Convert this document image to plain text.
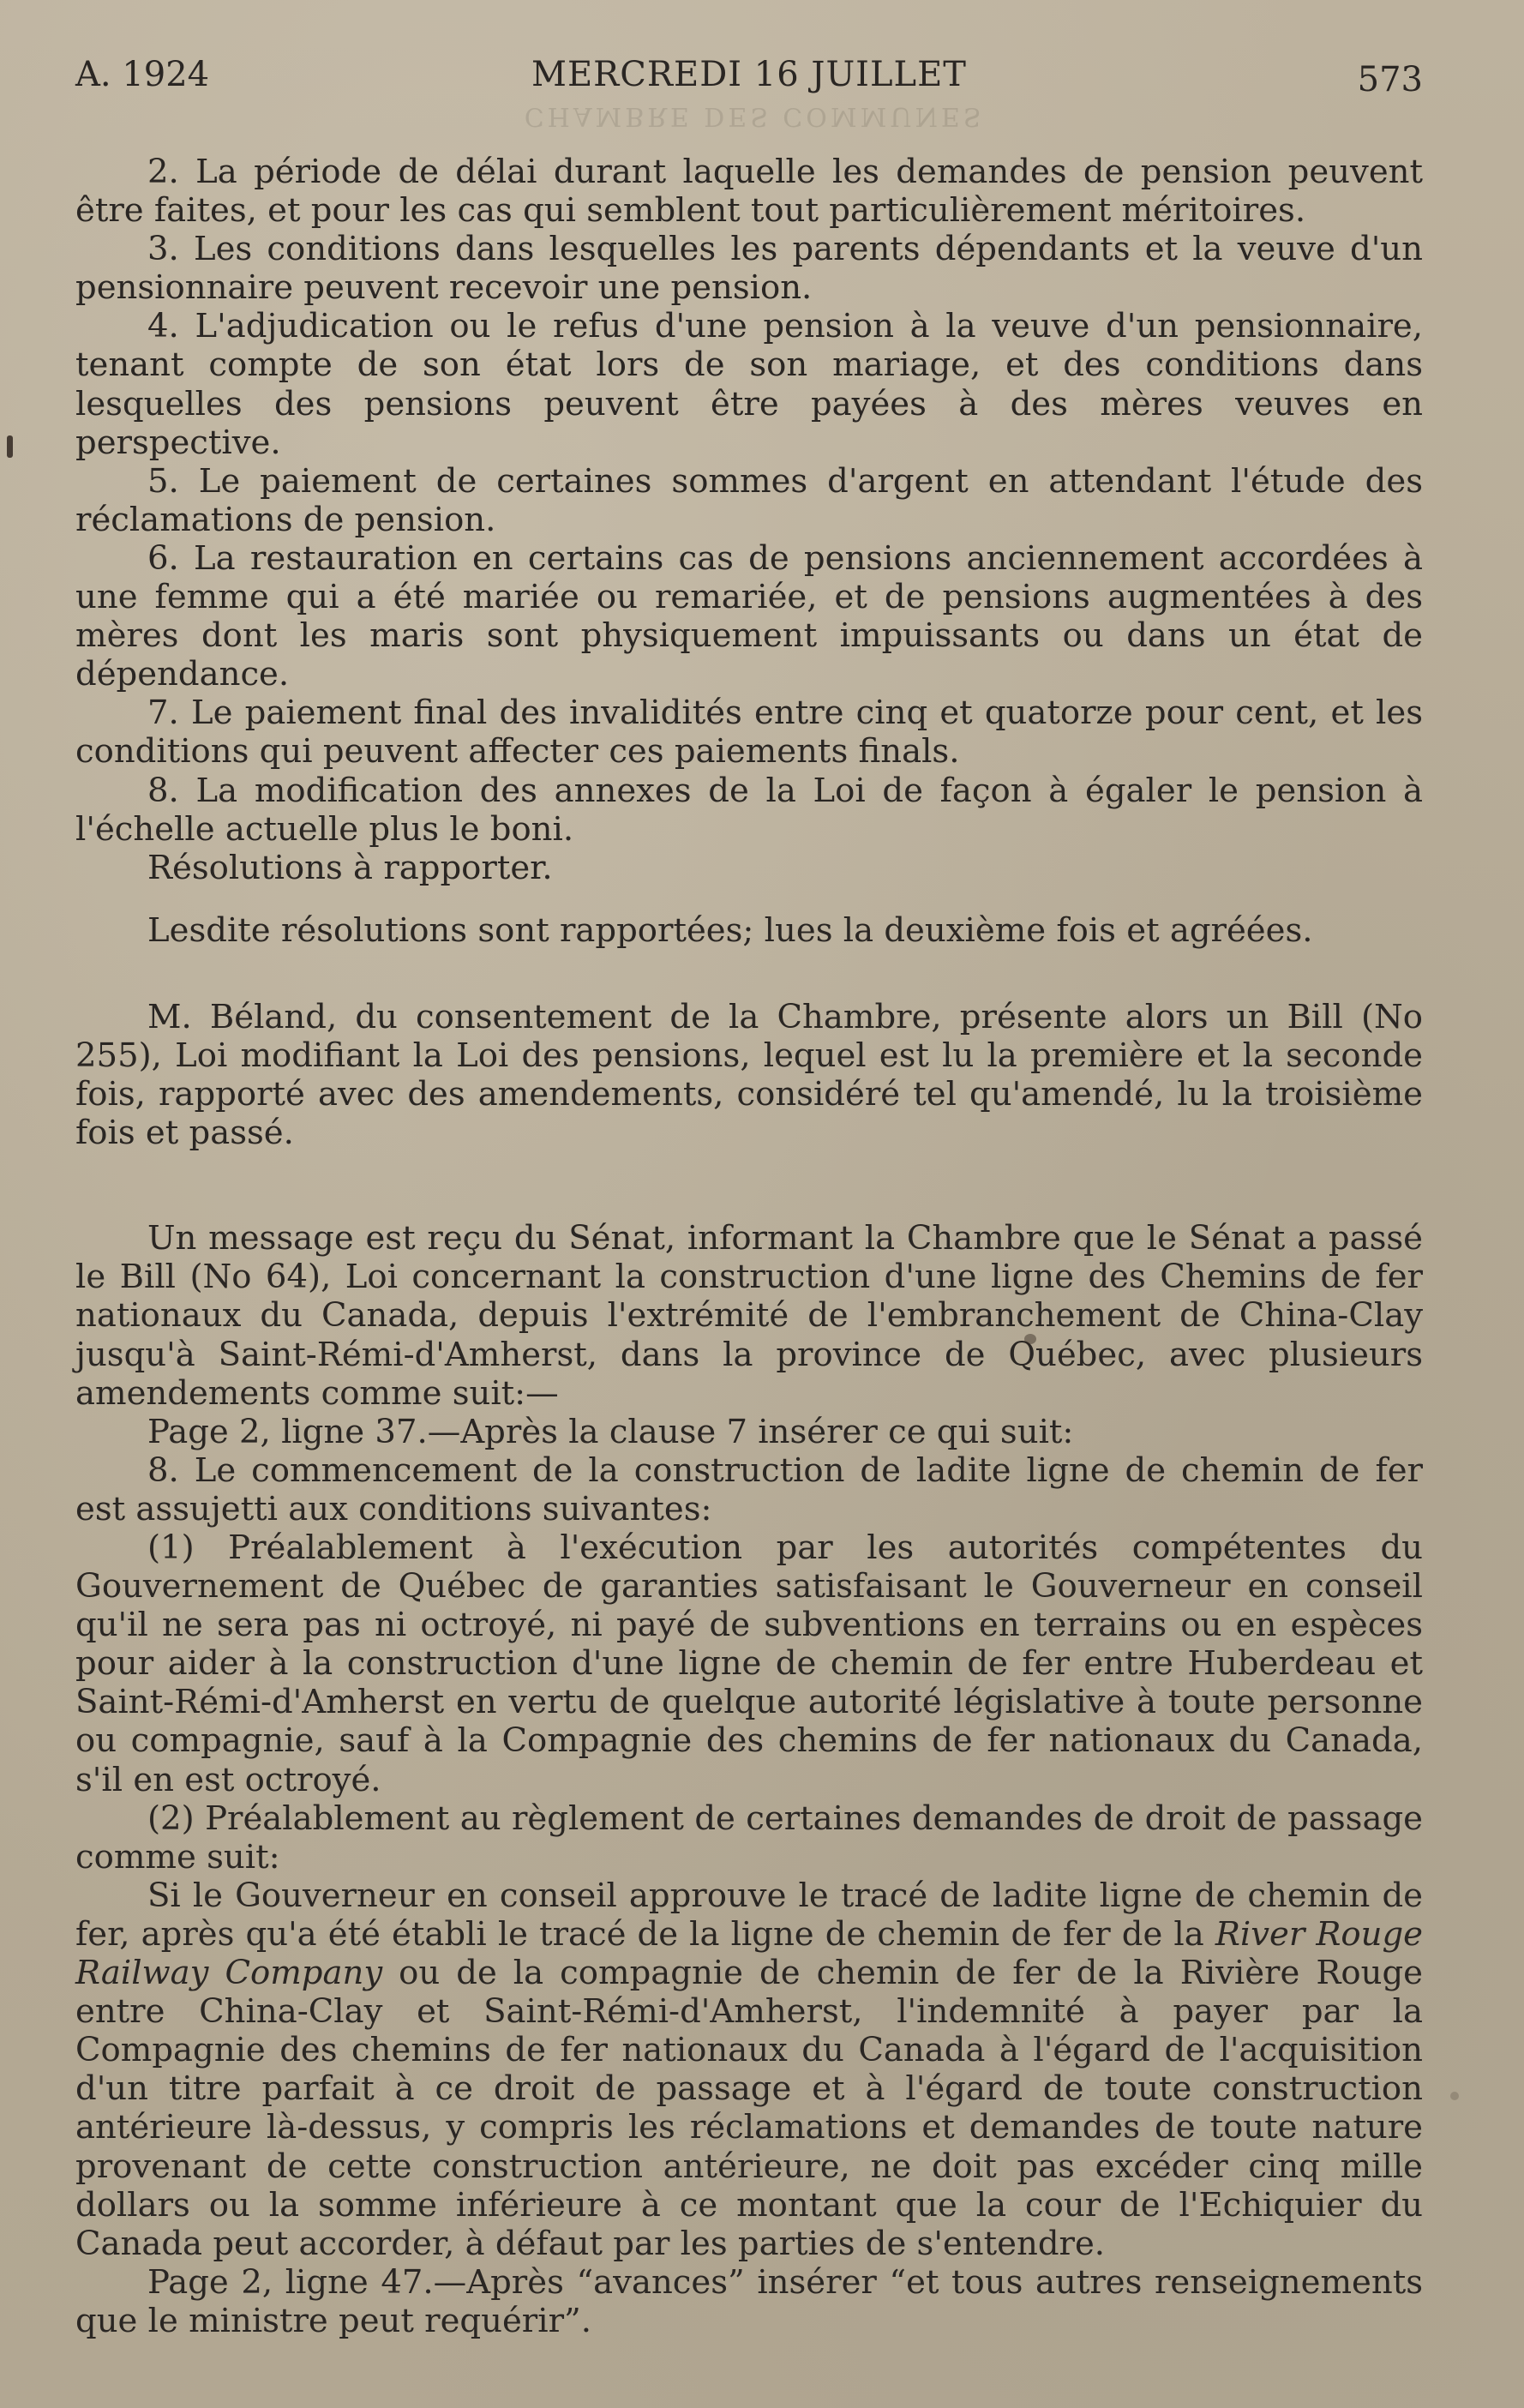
CHAMBRE DES COMMUNES
A. 1924	MERCREDI 16 JUILLET	573

2. La période de délai durant laquelle les demandes de pension peuvent être faites, et pour les cas qui semblent tout particulièrement méritoires.

3. Les conditions dans lesquelles les parents dépendants et la veuve d'un pensionnaire peuvent recevoir une pension.

4. L'adjudication ou le refus d'une pension à la veuve d'un pensionnaire, tenant compte de son état lors de son mariage, et des conditions dans lesquelles des pensions peuvent être payées à des mères veuves en perspective.

5. Le paiement de certaines sommes d'argent en attendant l'étude des réclamations de pension.

6. La restauration en certains cas de pensions anciennement accordées à une femme qui a été mariée ou remariée, et de pensions augmentées à des mères dont les maris sont physiquement impuissants ou dans un état de dépendance.

7. Le paiement final des invalidités entre cinq et quatorze pour cent, et les conditions qui peuvent affecter ces paiements finals.

8. La modification des annexes de la Loi de façon à égaler le pension à l'échelle actuelle plus le boni.

Résolutions à rapporter.

Lesdite résolutions sont rapportées; lues la deuxième fois et agréées.

M. Béland, du consentement de la Chambre, présente alors un Bill (No 255), Loi modifiant la Loi des pensions, lequel est lu la première et la seconde fois, rapporté avec des amendements, considéré tel qu'amendé, lu la troisième fois et passé.

Un message est reçu du Sénat, informant la Chambre que le Sénat a passé le Bill (No 64), Loi concernant la construction d'une ligne des Chemins de fer nationaux du Canada, depuis l'extrémité de l'embranchement de China-Clay jusqu'à Saint-Rémi-d'Amherst, dans la province de Québec, avec plusieurs amendements comme suit:—

Page 2, ligne 37.—Après la clause 7 insérer ce qui suit:

8. Le commencement de la construction de ladite ligne de chemin de fer est assujetti aux conditions suivantes:

(1) Préalablement à l'exécution par les autorités compétentes du Gouvernement de Québec de garanties satisfaisant le Gouverneur en conseil qu'il ne sera pas ni octroyé, ni payé de subventions en terrains ou en espèces pour aider à la construction d'une ligne de chemin de fer entre Huberdeau et Saint-Rémi-d'Amherst en vertu de quelque autorité législative à toute personne ou compagnie, sauf à la Compagnie des chemins de fer nationaux du Canada, s'il en est octroyé.

(2) Préalablement au règlement de certaines demandes de droit de passage comme suit:

Si le Gouverneur en conseil approuve le tracé de ladite ligne de chemin de fer, après qu'a été établi le tracé de la ligne de chemin de fer de la River Rouge Railway Company ou de la compagnie de chemin de fer de la Rivière Rouge entre China-Clay et Saint-Rémi-d'Amherst, l'indemnité à payer par la Compagnie des chemins de fer nationaux du Canada à l'égard de l'acquisition d'un titre parfait à ce droit de passage et à l'égard de toute construction antérieure là-dessus, y compris les réclamations et demandes de toute nature provenant de cette construction antérieure, ne doit pas excéder cinq mille dollars ou la somme inférieure à ce montant que la cour de l'Echiquier du Canada peut accorder, à défaut par les parties de s'entendre.

Page 2, ligne 47.—Après “avances” insérer “et tous autres renseignements que le ministre peut requérir”.
